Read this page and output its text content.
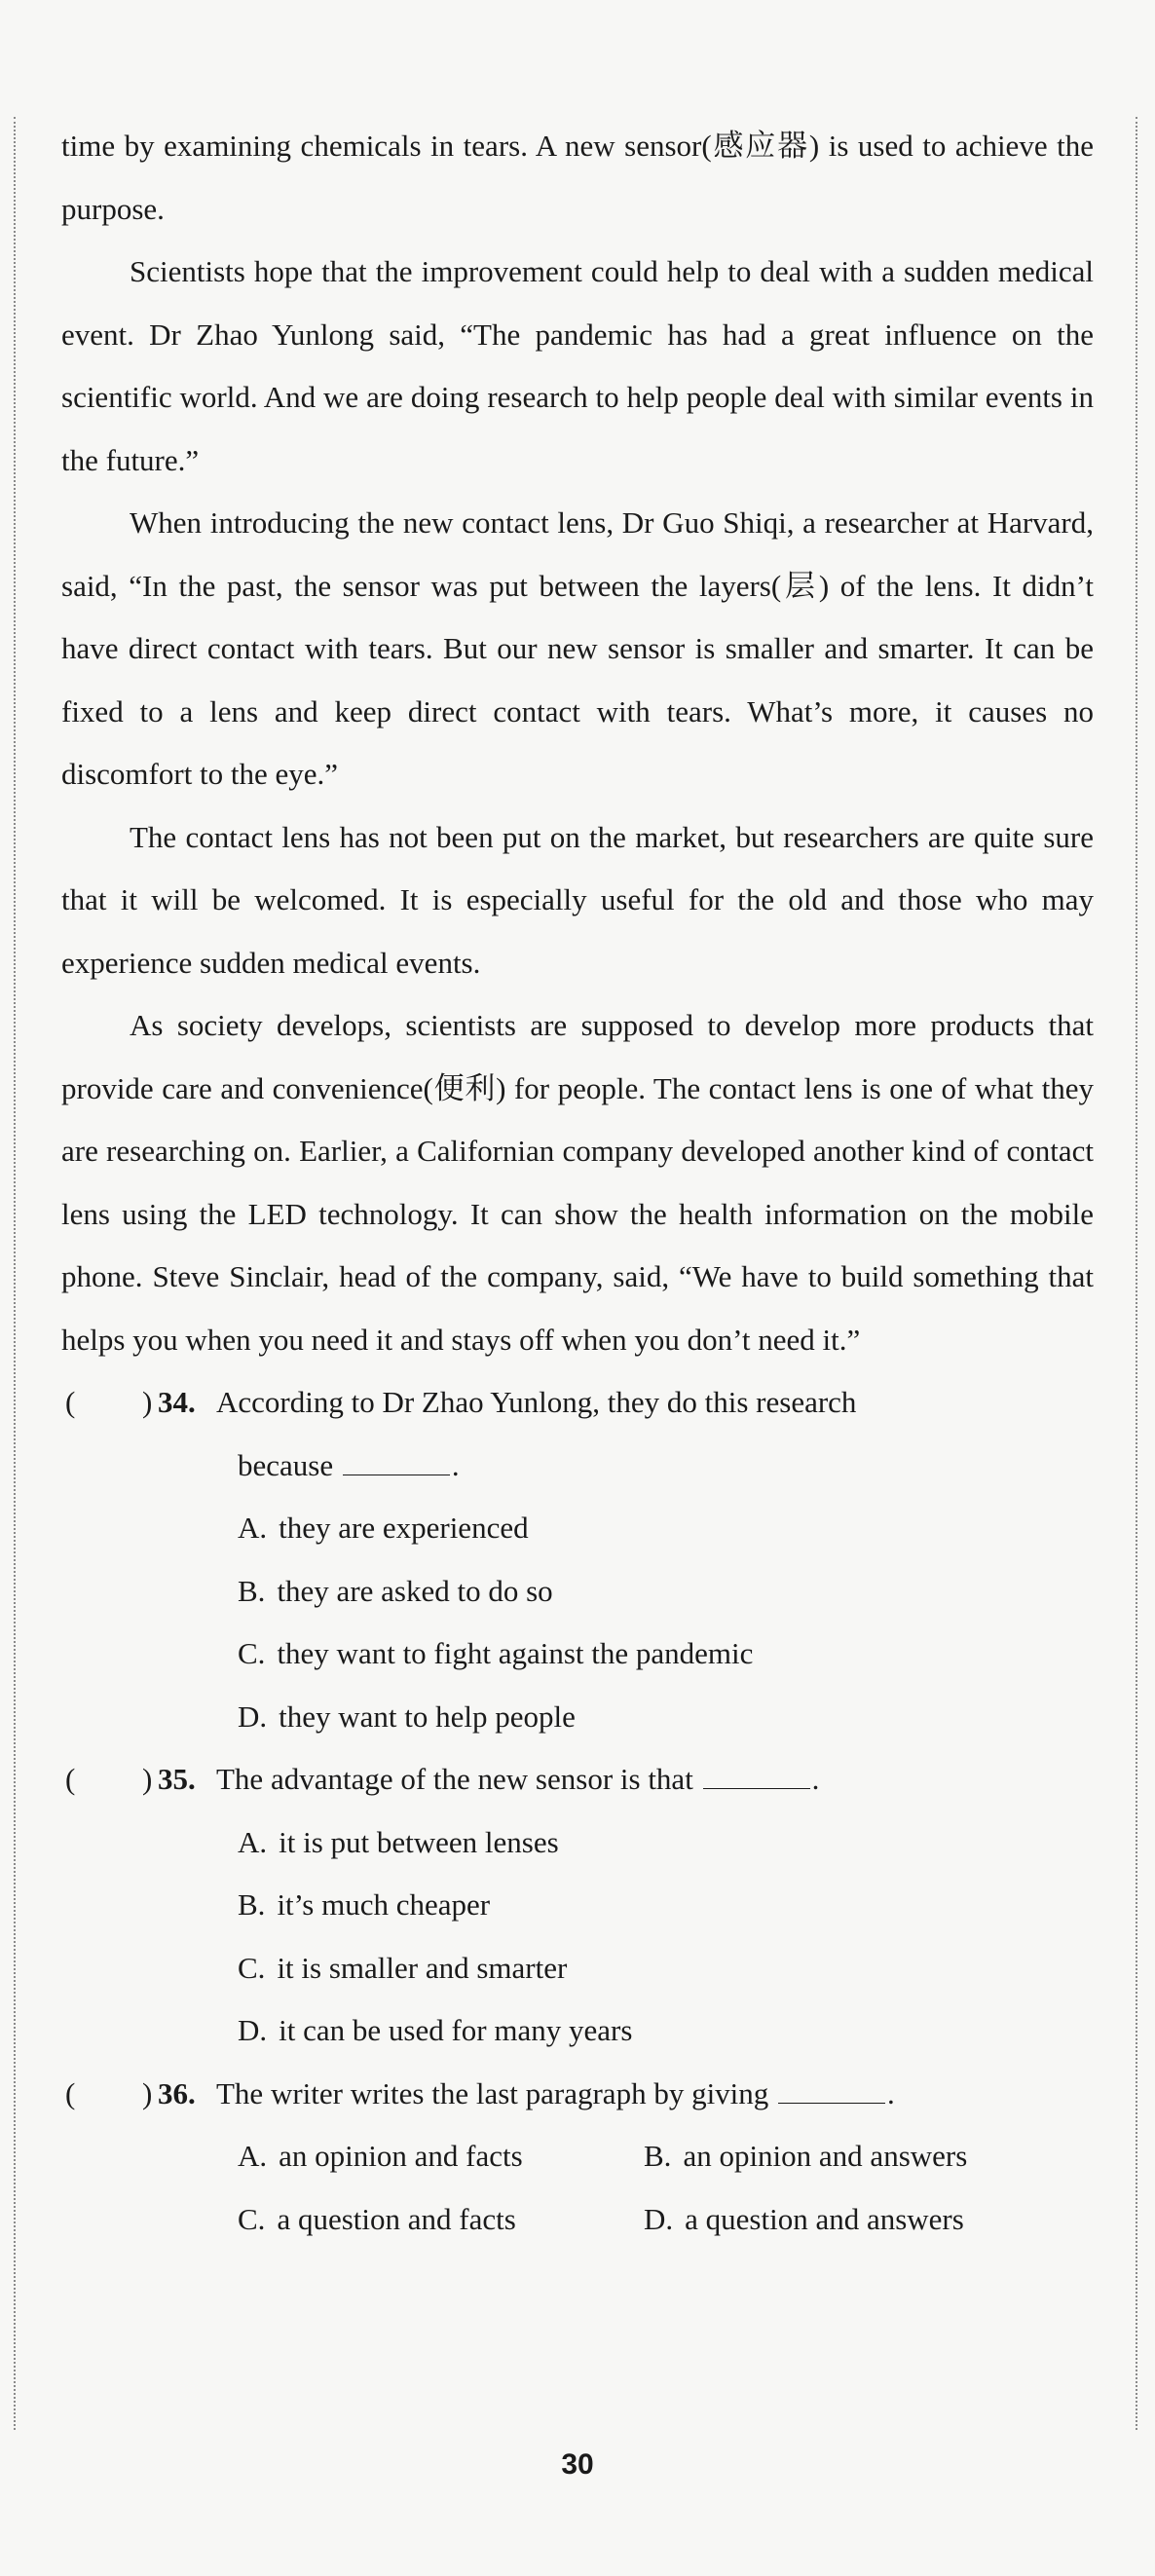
time by examining chemicals in tears. A new sensor(感应器) is used to achieve the purpose.

Scientists hope that the improvement could help to deal with a sudden medical event. Dr Zhao Yunlong said, “The pandemic has had a great influence on the scientific world. And we are doing research to help people deal with similar events in the future.”

When introducing the new contact lens, Dr Guo Shiqi, a researcher at Harvard, said, “In the past, the sensor was put between the layers(层) of the lens. It didn’t have direct contact with tears. But our new sensor is smaller and smarter. It can be fixed to a lens and keep direct contact with tears. What’s more, it causes no discomfort to the eye.”

The contact lens has not been put on the market, but researchers are quite sure that it will be welcomed. It is especially useful for the old and those who may experience sudden medical events.

As society develops, scientists are supposed to develop more products that provide care and convenience(便利) for people. The contact lens is one of what they are researching on. Earlier, a Californian company developed another kind of contact lens using the LED technology. It can show the health information on the mobile phone. Steve Sinclair, head of the company, said, “We have to build something that helps you when you need it and stays off when you don’t need it.”

( ) 34. According to Dr Zhao Yunlong, they do this research
because	.
A. they are experienced
B. they are asked to do so
C. they want to fight against the pandemic
D. they want to help people
( ) 35. The advantage of the new sensor is that	.
A. it is put between lenses
B. it’s much cheaper
C. it is smaller and smarter
D. it can be used for many years
( ) 36. The writer writes the last paragraph by giving	.
A. an opinion and facts	B. an opinion and answers
C. a question and facts	D. a question and answers
30
